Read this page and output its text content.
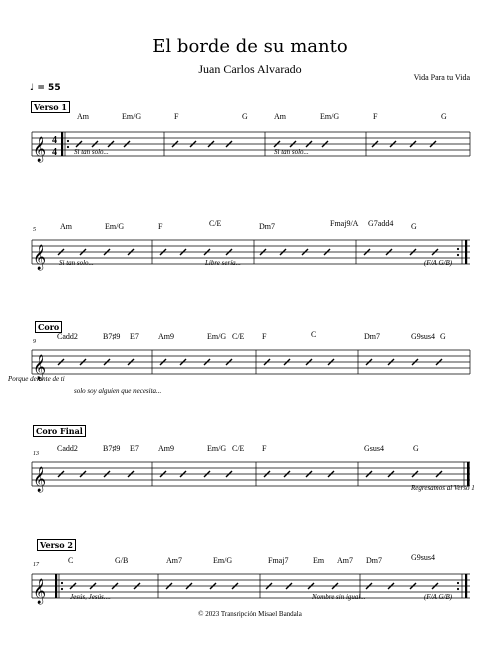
El borde de su manto
Juan Carlos Alvarado
Vida Para tu Vida
♩ = 55
Verso 1
Am	Em/G	F	G	Am	Em/G	F	G
𝄞 4
4 Si tan solo...	Si tan solo...
5	Am	Em/G	F	C/E	Dm7	Fmaj9/A G7add4 G
𝄞 Si tan solo...	Libre sería...	(F/A G/B)
Coro
9
Cadd2	B7♯9 E7 Am9	Em/G C/E F	C	Dm7	G9sus4 G
𝄞
Porque delante de ti
solo soy alguien que necesita...
Coro Final
13
Cadd2	B7♯9 E7 Am9	Em/G C/E F	Gsus4	G
𝄞	Regresamos al Verso 1
Verso 2
17	C	G/B	Am7	Em/G	Fmaj7	Em Am7 Dm7	G9sus4
𝄞	Jesús, Jesús....	Nombre sin igual...	(F/A G/B)
© 2023 Transripción Misael Bandala
